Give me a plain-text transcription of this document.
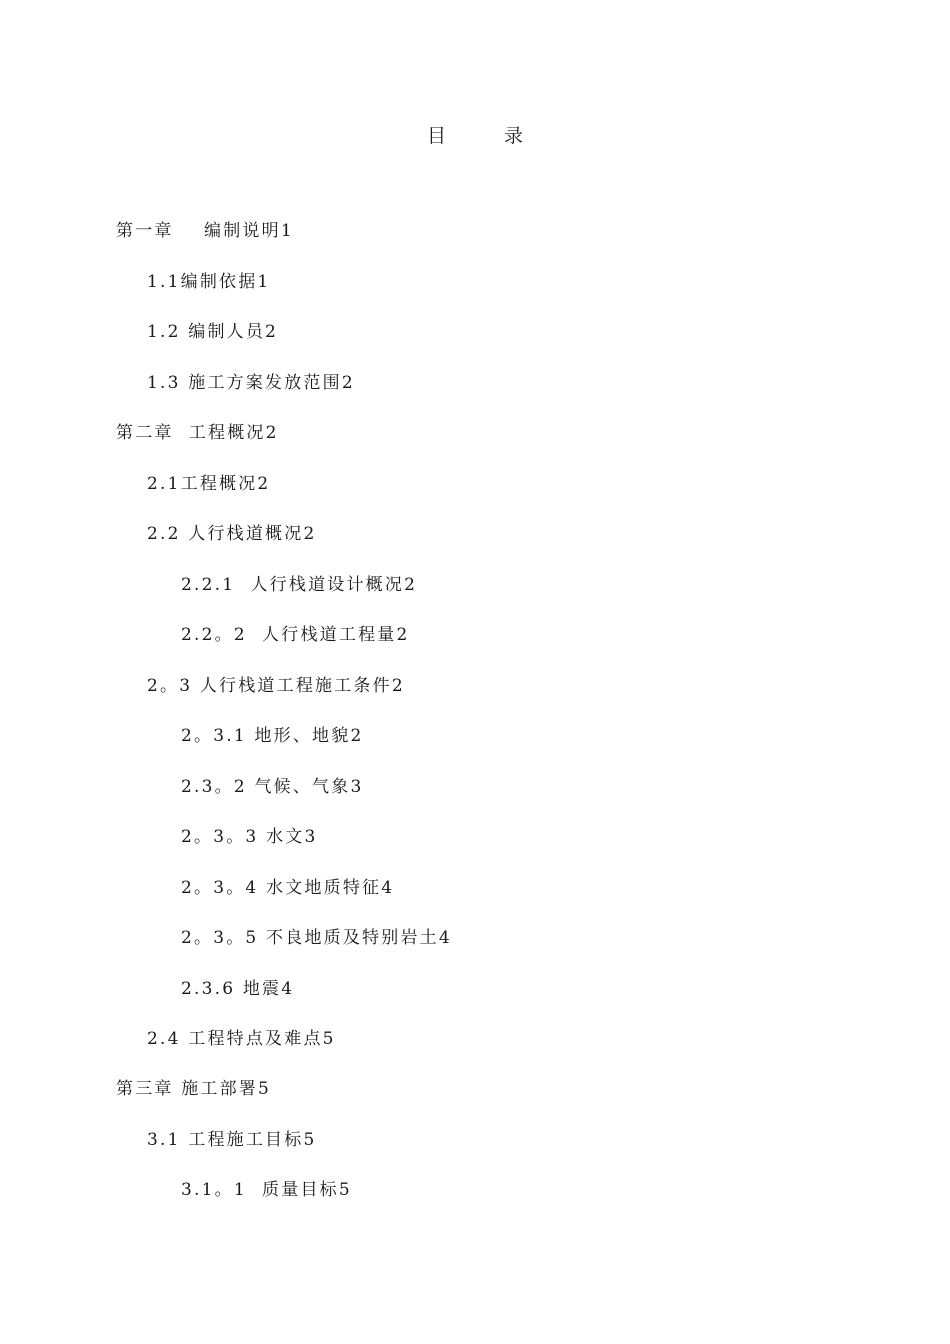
目	录
第一章    编制说明1
1.1编制依据1
1.2 编制人员2
1.3 施工方案发放范围2
第二章  工程概况2
2.1工程概况2
2.2 人行栈道概况2
2.2.1  人行栈道设计概况2
2.2。2  人行栈道工程量2
2。3 人行栈道工程施工条件2
2。3.1 地形、地貌2
2.3。2 气候、气象3
2。3。3 水文3
2。3。4 水文地质特征4
2。3。5 不良地质及特别岩土4
2.3.6 地震4
2.4 工程特点及难点5
第三章 施工部署5
3.1 工程施工目标5
3.1。1  质量目标5
